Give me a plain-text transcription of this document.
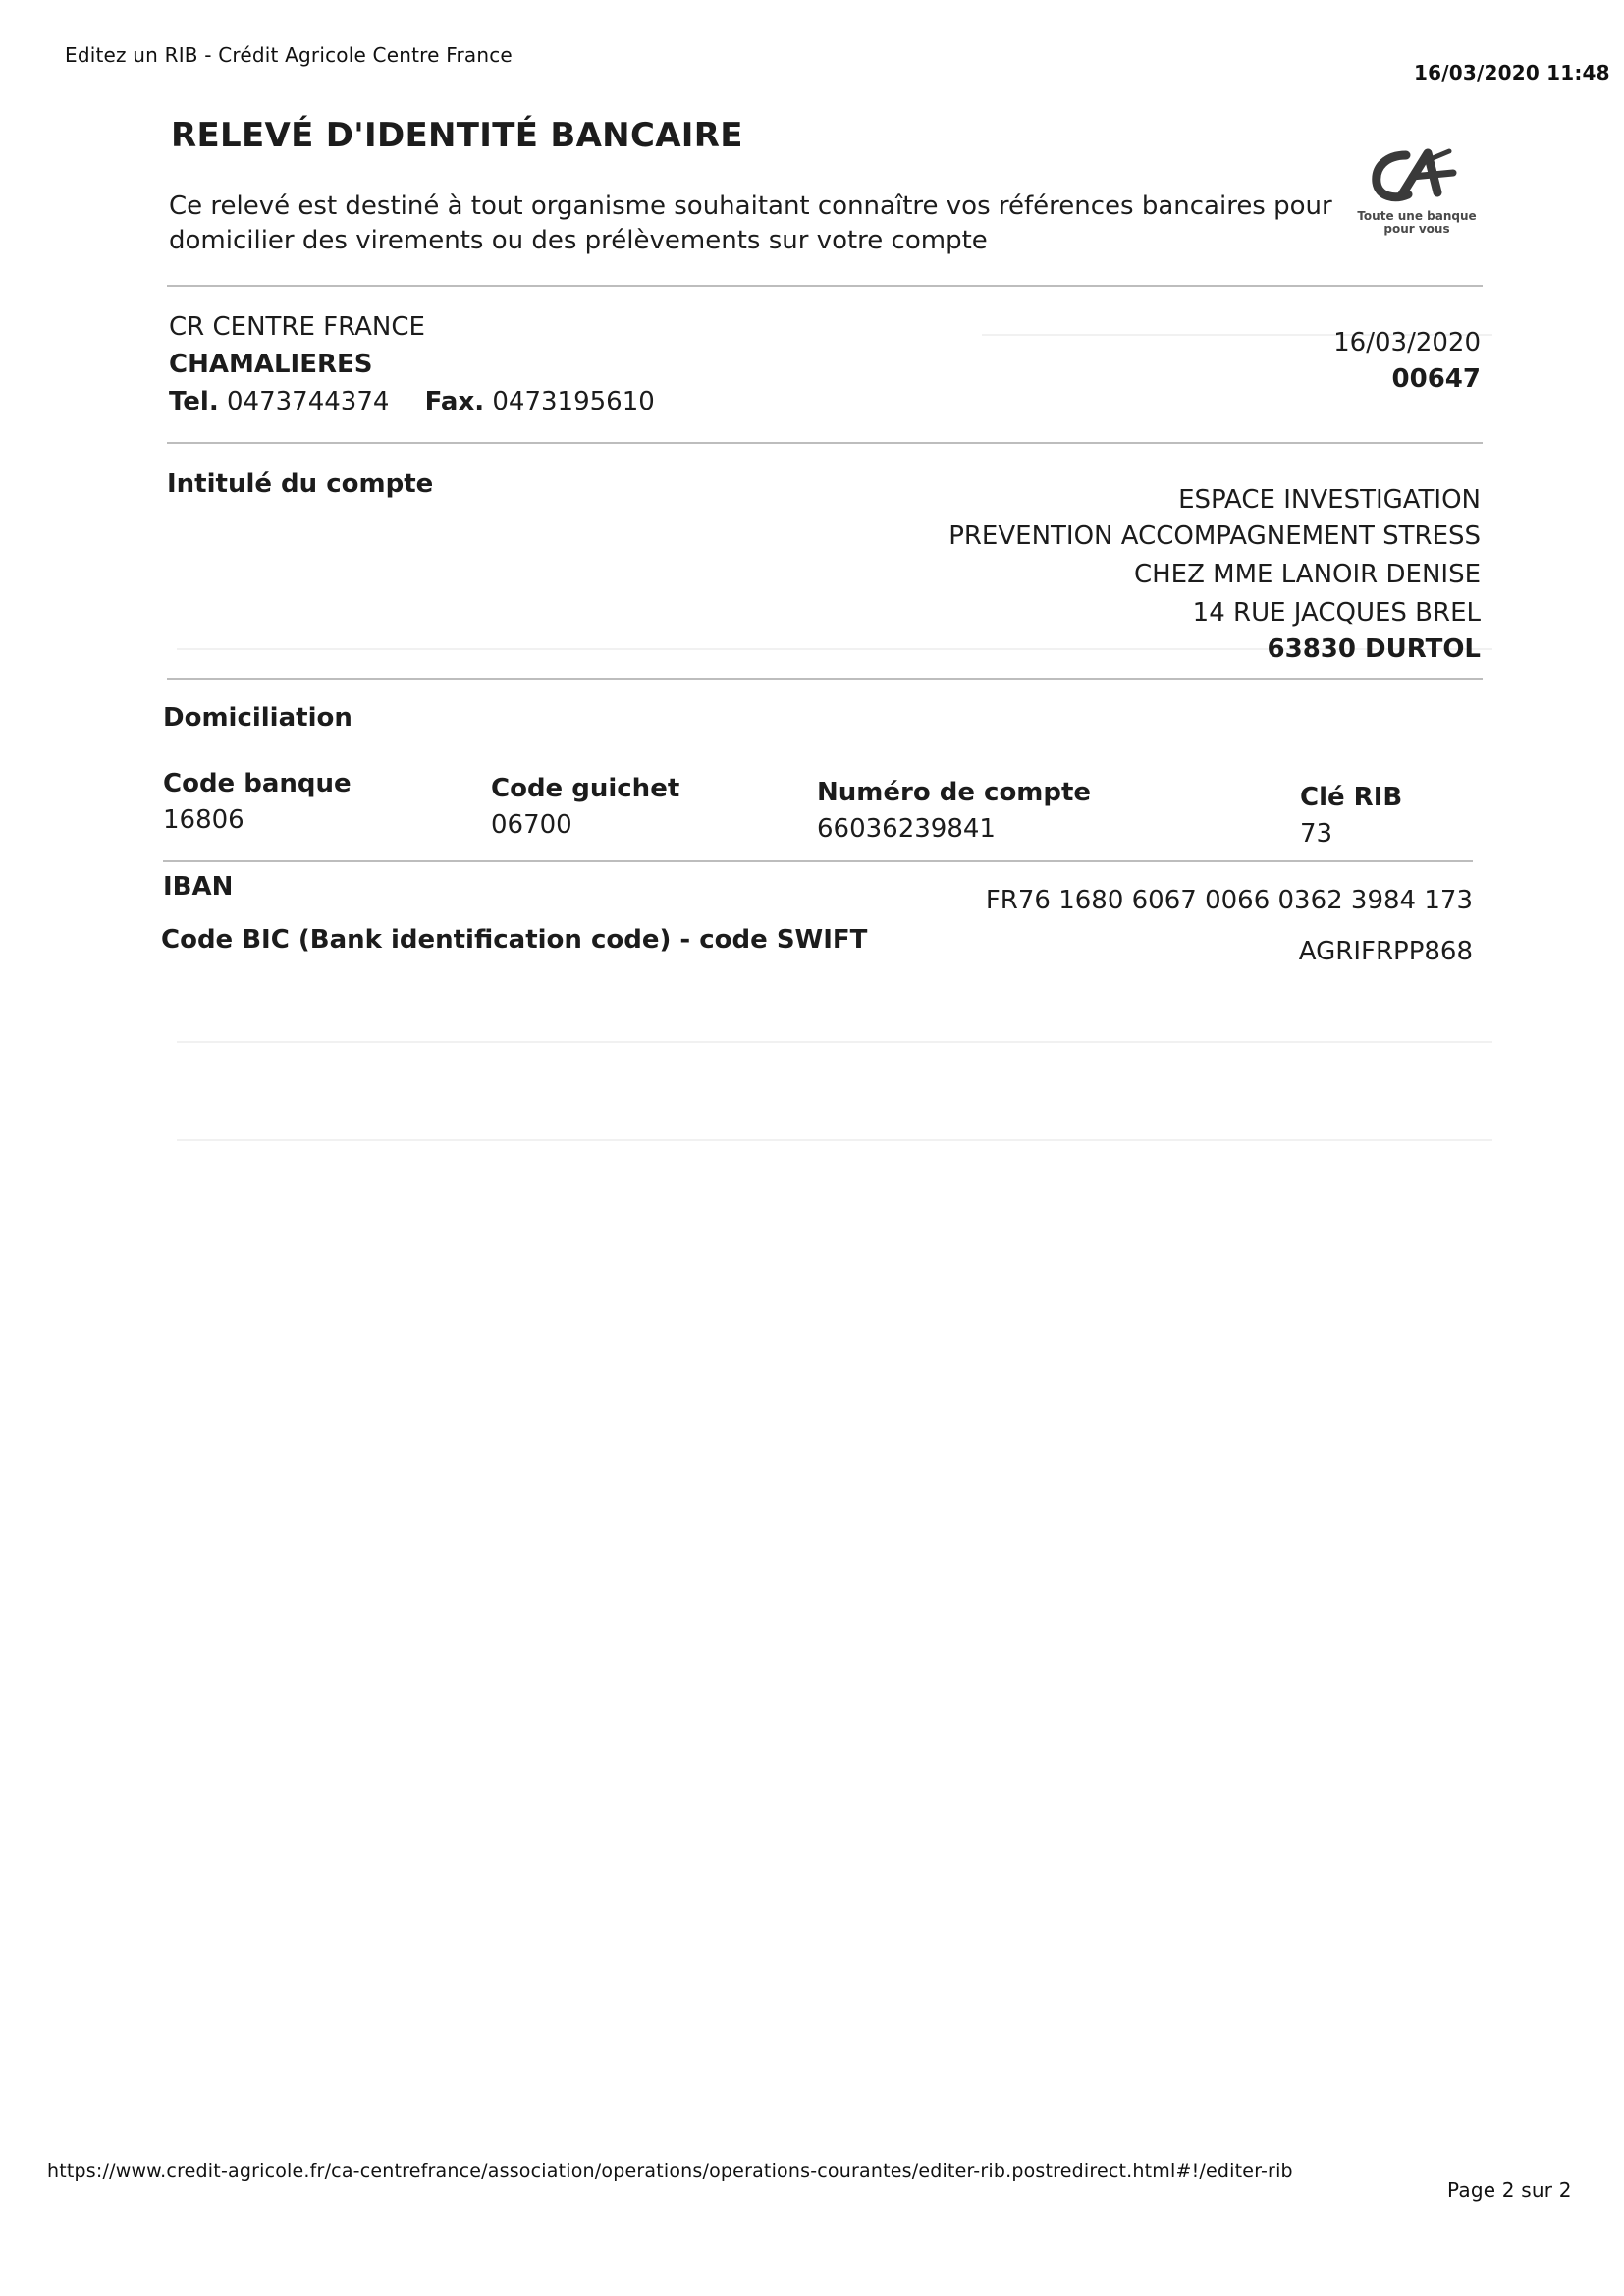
Editez un RIB - Crédit Agricole Centre France
16/03/2020 11:48
RELEVÉ D'IDENTITÉ BANCAIRE
Ce relevé est destiné à tout organisme souhaitant connaître vos références bancaires pour
domicilier des virements ou des prélèvements sur votre compte
Toute une banque
pour vous
CR CENTRE FRANCE
CHAMALIERES
Tel. 0473744374 Fax. 0473195610
16/03/2020
00647
Intitulé du compte
ESPACE INVESTIGATION
PREVENTION ACCOMPAGNEMENT STRESS
CHEZ MME LANOIR DENISE
14 RUE JACQUES BREL
63830 DURTOL
Domiciliation
Code banque
16806
Code guichet
06700
Numéro de compte
66036239841
Clé RIB
73
IBAN	FR76 1680 6067 0066 0362 3984 173
Code BIC (Bank identification code) - code SWIFT	AGRIFRPP868
https://www.credit-agricole.fr/ca-centrefrance/association/operations/operations-courantes/editer-rib.postredirect.html#!/editer-rib
Page 2 sur 2
